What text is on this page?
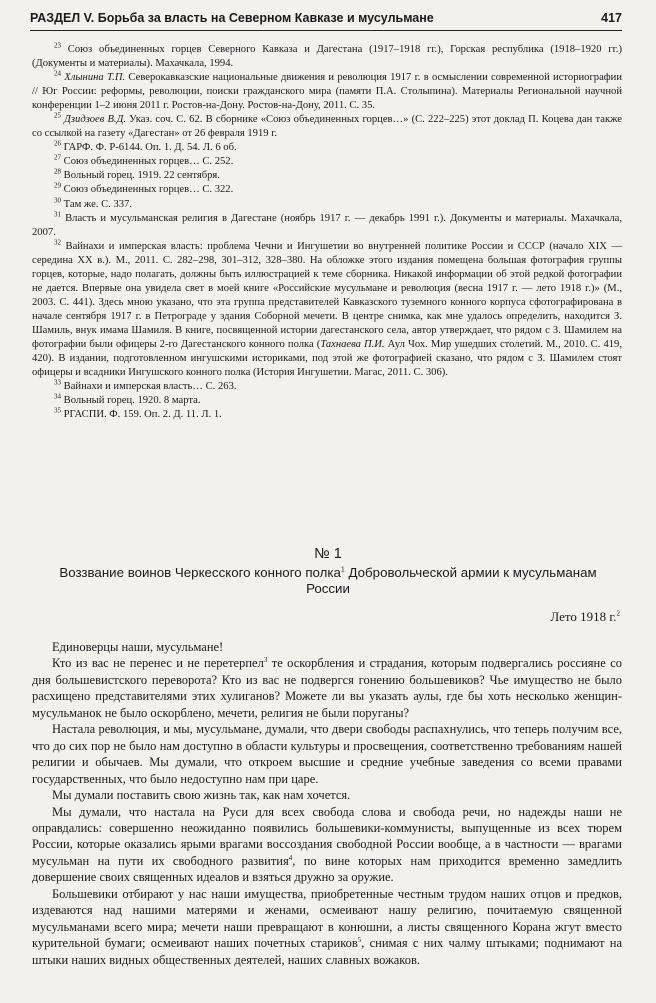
РАЗДЕЛ V. Борьба за власть на Северном Кавказе и мусульмане	417

$^{23}$ Союз объединенных горцев Северного Кавказа и Дагестана (1917–1918 гг.), Горская республика (1918–1920 гг.) (Документы и материалы). Махачкала, 1994.

$^{24}$ Хлынина Т.П. Северокавказские национальные движения и революция 1917 г. в осмыслении современной историографии // Юг России: реформы, революции, поиски гражданского мира (памяти П.А. Столыпина). Материалы Региональной научной конференции 1–2 июня 2011 г. Ростов-на-Дону. Ростов-на-Дону, 2011. С. 35.

$^{25}$ Дзидзоев В.Д. Указ. соч. С. 62. В сборнике «Союз объединенных горцев…» (С. 222–225) этот доклад П. Коцева дан также со ссылкой на газету «Дагестан» от 26 февраля 1919 г.

$^{26}$ ГАРФ. Ф. Р-6144. Оп. 1. Д. 54. Л. 6 об.

$^{27}$ Союз объединенных горцев… С. 252.

$^{28}$ Вольный горец. 1919. 22 сентября.

$^{29}$ Союз объединенных горцев… С. 322.

$^{30}$ Там же. С. 337.

$^{31}$ Власть и мусульманская религия в Дагестане (ноябрь 1917 г. — декабрь 1991 г.). Документы и материалы. Махачкала, 2007.

$^{32}$ Вайнахи и имперская власть: проблема Чечни и Ингушетии во внутренней политике России и СССР (начало XIX — середина XX в.). М., 2011. С. 282–298, 301–312, 328–380. На обложке этого издания помещена большая фотография группы горцев, которые, надо полагать, должны быть иллюстрацией к теме сборника. Никакой информации об этой редкой фотографии не дается. Впервые она увидела свет в моей книге «Российские мусульмане и революция (весна 1917 г. — лето 1918 г.)» (М., 2003. С. 441). Здесь мною указано, что эта группа представителей Кавказского туземного конного корпуса сфотографирована в начале сентября 1917 г. в Петрограде у здания Соборной мечети. В центре снимка, как мне удалось определить, находится З. Шамиль, внук имама Шамиля. В книге, посвященной истории дагестанского села, автор утверждает, что рядом с З. Шамилем на фотографии были офицеры 2-го Дагестанского конного полка (Тахнаева П.И. Аул Чох. Мир ушедших столетий. М., 2010. С. 419, 420). В издании, подготовленном ингушскими историками, под этой же фотографией сказано, что рядом с З. Шамилем стоят офицеры и всадники Ингушского конного полка (История Ингушетии. Магас, 2011. С. 306).

$^{33}$ Вайнахи и имперская власть… С. 263.

$^{34}$ Вольный горец. 1920. 8 марта.

$^{35}$ РГАСПИ. Ф. 159. Оп. 2. Д. 11. Л. 1.

№ 1
Воззвание воинов Черкесского конного полка$^1$ Добровольческой армии к мусульманам России
Лето 1918 г.$^2$

Единоверцы наши, мусульмане!

Кто из вас не перенес и не перетерпел$^3$ те оскорбления и страдания, которым подвергались россияне со дня большевистского переворота? Кто из вас не подвергся гонению большевиков? Чье имущество не было расхищено представителями этих хулиганов? Можете ли вы указать аулы, где бы хоть несколько женщин-мусульманок не было оскорблено, мечети, религия не были поруганы?

Настала революция, и мы, мусульмане, думали, что двери свободы распахнулись, что теперь получим все, что до сих пор не было нам доступно в области культуры и просвещения, соответственно требованиям нашей религии и обычаев. Мы думали, что откроем высшие и средние учебные заведения со всеми правами государственных, что было недоступно нам при царе.

Мы думали поставить свою жизнь так, как нам хочется.

Мы думали, что настала на Руси для всех свобода слова и свобода речи, но надежды наши не оправдались: совершенно неожиданно появились большевики-коммунисты, выпущенные из всех тюрем России, которые оказались ярыми врагами воссоздания свободной России вообще, а в частности — врагами мусульман на пути их свободного развития$^4$, по вине которых нам приходится временно замедлить довершение своих священных идеалов и взяться дружно за оружие.

Большевики отбирают у нас наши имущества, приобретенные честным трудом наших отцов и предков, издеваются над нашими матерями и женами, осмеивают нашу религию, почитаемую священной мусульманами всего мира; мечети наши превращают в конюшни, а листы священного Корана жгут вместо курительной бумаги; осмеивают наших почетных стариков$^5$, снимая с них чалму штыками; поднимают на штыки наших видных общественных деятелей, наших славных вожаков.
